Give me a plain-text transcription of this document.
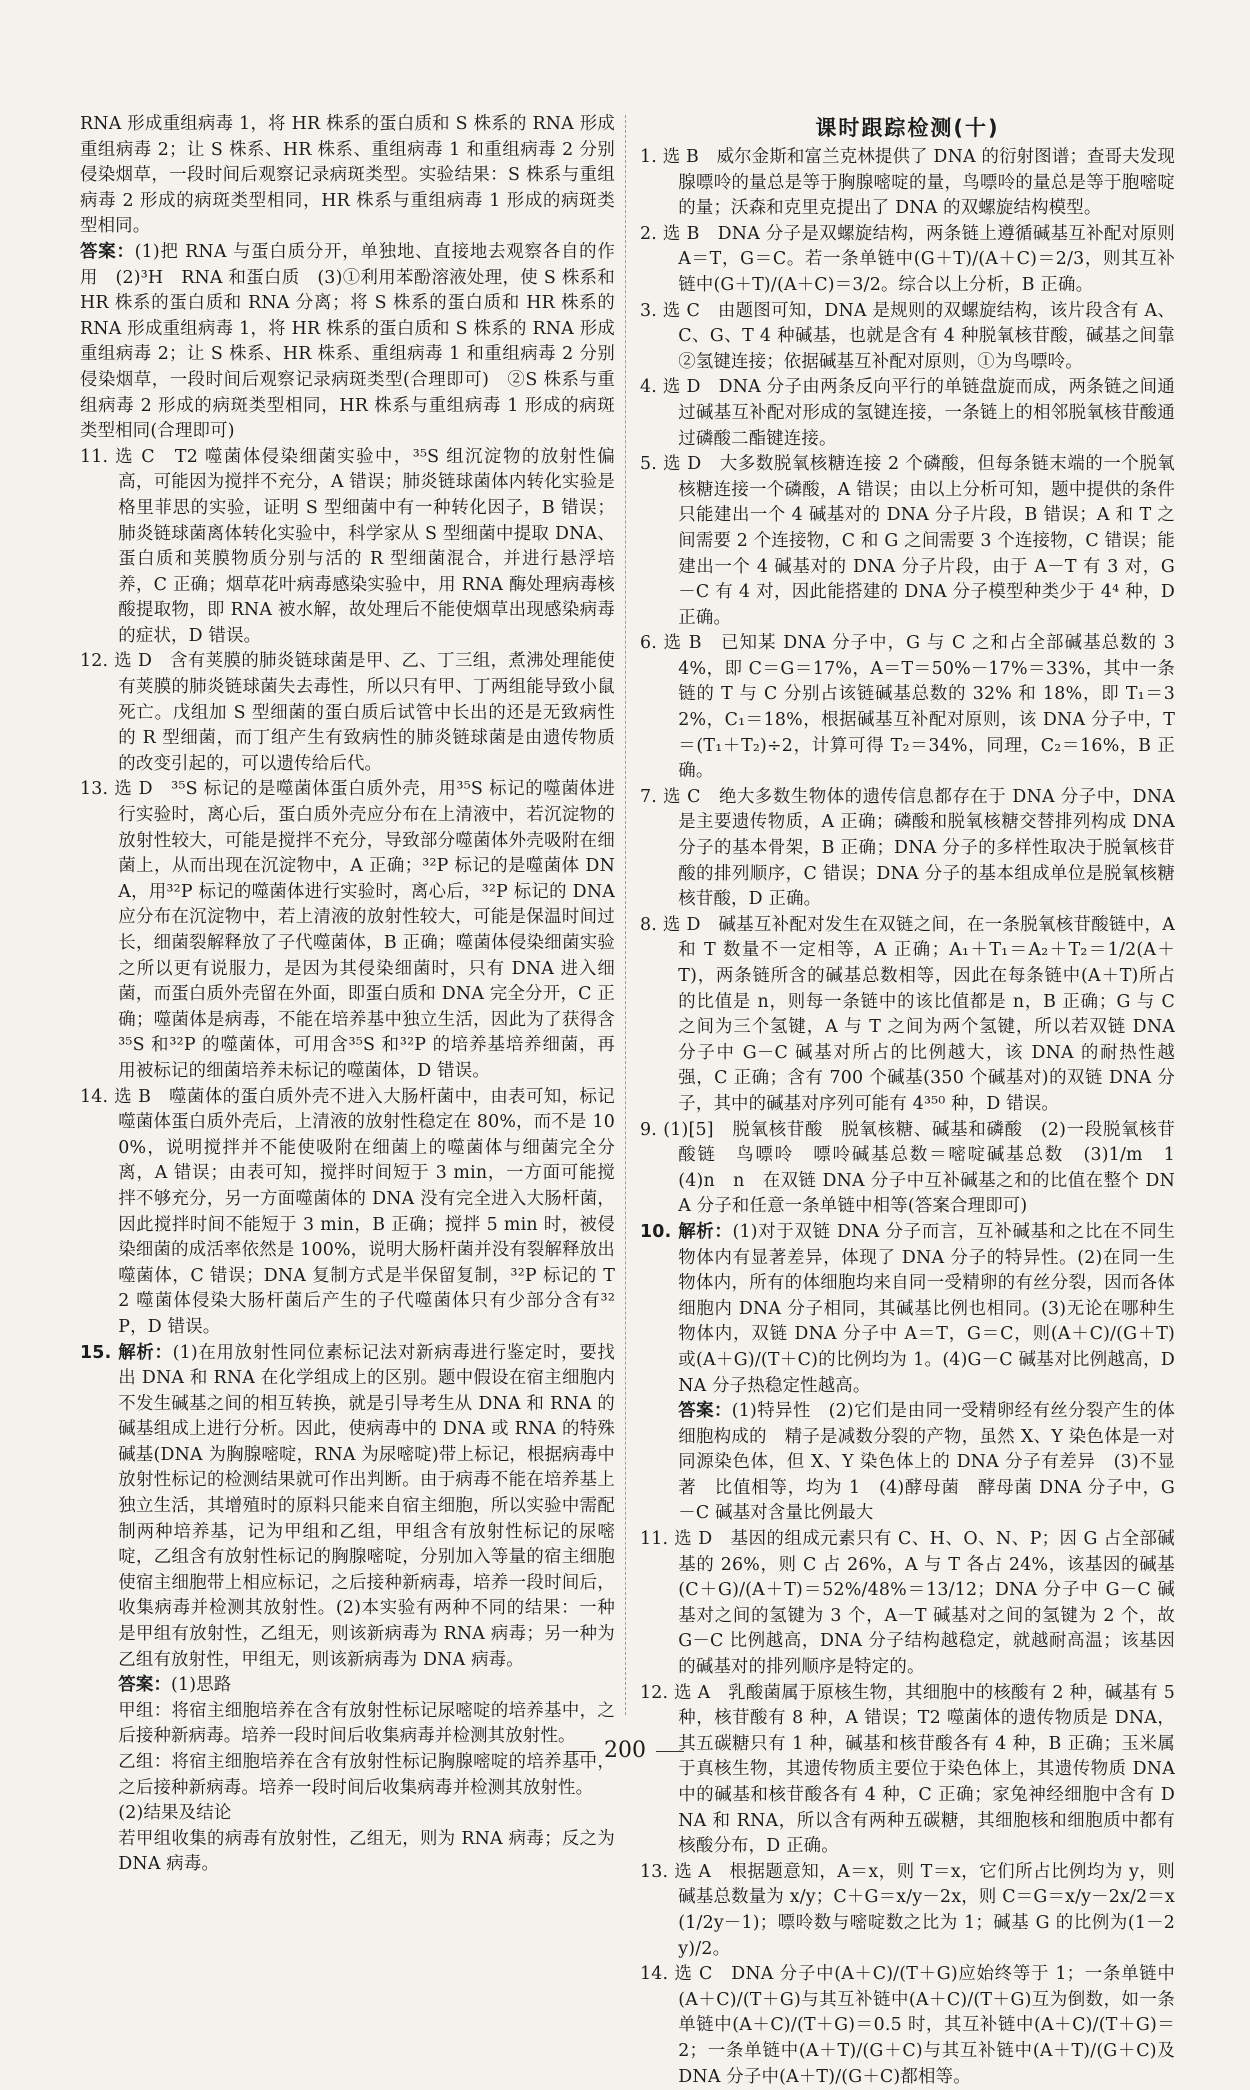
RNA 形成重组病毒 1，将 HR 株系的蛋白质和 S 株系的 RNA 形成重组病毒 2；让 S 株系、HR 株系、重组病毒 1 和重组病毒 2 分别侵染烟草，一段时间后观察记录病斑类型。实验结果：S 株系与重组病毒 2 形成的病斑类型相同，HR 株系与重组病毒 1 形成的病斑类型相同。

答案：(1)把 RNA 与蛋白质分开，单独地、直接地去观察各自的作用　(2)³H　RNA 和蛋白质　(3)①利用苯酚溶液处理，使 S 株系和 HR 株系的蛋白质和 RNA 分离；将 S 株系的蛋白质和 HR 株系的 RNA 形成重组病毒 1，将 HR 株系的蛋白质和 S 株系的 RNA 形成重组病毒 2；让 S 株系、HR 株系、重组病毒 1 和重组病毒 2 分别侵染烟草，一段时间后观察记录病斑类型(合理即可)　②S 株系与重组病毒 2 形成的病斑类型相同，HR 株系与重组病毒 1 形成的病斑类型相同(合理即可)

11. 选 C　T2 噬菌体侵染细菌实验中，³⁵S 组沉淀物的放射性偏高，可能因为搅拌不充分，A 错误；肺炎链球菌体内转化实验是格里菲思的实验，证明 S 型细菌中有一种转化因子，B 错误；肺炎链球菌离体转化实验中，科学家从 S 型细菌中提取 DNA、蛋白质和荚膜物质分别与活的 R 型细菌混合，并进行悬浮培养，C 正确；烟草花叶病毒感染实验中，用 RNA 酶处理病毒核酸提取物，即 RNA 被水解，故处理后不能使烟草出现感染病毒的症状，D 错误。

12. 选 D　含有荚膜的肺炎链球菌是甲、乙、丁三组，煮沸处理能使有荚膜的肺炎链球菌失去毒性，所以只有甲、丁两组能导致小鼠死亡。戊组加 S 型细菌的蛋白质后试管中长出的还是无致病性的 R 型细菌，而丁组产生有致病性的肺炎链球菌是由遗传物质的改变引起的，可以遗传给后代。

13. 选 D　³⁵S 标记的是噬菌体蛋白质外壳，用³⁵S 标记的噬菌体进行实验时，离心后，蛋白质外壳应分布在上清液中，若沉淀物的放射性较大，可能是搅拌不充分，导致部分噬菌体外壳吸附在细菌上，从而出现在沉淀物中，A 正确；³²P 标记的是噬菌体 DNA，用³²P 标记的噬菌体进行实验时，离心后，³²P 标记的 DNA 应分布在沉淀物中，若上清液的放射性较大，可能是保温时间过长，细菌裂解释放了子代噬菌体，B 正确；噬菌体侵染细菌实验之所以更有说服力，是因为其侵染细菌时，只有 DNA 进入细菌，而蛋白质外壳留在外面，即蛋白质和 DNA 完全分开，C 正确；噬菌体是病毒，不能在培养基中独立生活，因此为了获得含³⁵S 和³²P 的噬菌体，可用含³⁵S 和³²P 的培养基培养细菌，再用被标记的细菌培养未标记的噬菌体，D 错误。

14. 选 B　噬菌体的蛋白质外壳不进入大肠杆菌中，由表可知，标记噬菌体蛋白质外壳后，上清液的放射性稳定在 80%，而不是 100%，说明搅拌并不能使吸附在细菌上的噬菌体与细菌完全分离，A 错误；由表可知，搅拌时间短于 3 min，一方面可能搅拌不够充分，另一方面噬菌体的 DNA 没有完全进入大肠杆菌，因此搅拌时间不能短于 3 min，B 正确；搅拌 5 min 时，被侵染细菌的成活率依然是 100%，说明大肠杆菌并没有裂解释放出噬菌体，C 错误；DNA 复制方式是半保留复制，³²P 标记的 T2 噬菌体侵染大肠杆菌后产生的子代噬菌体只有少部分含有³²P，D 错误。

15. 解析：(1)在用放射性同位素标记法对新病毒进行鉴定时，要找出 DNA 和 RNA 在化学组成上的区别。题中假设在宿主细胞内不发生碱基之间的相互转换，就是引导考生从 DNA 和 RNA 的碱基组成上进行分析。因此，使病毒中的 DNA 或 RNA 的特殊碱基(DNA 为胸腺嘧啶，RNA 为尿嘧啶)带上标记，根据病毒中放射性标记的检测结果就可作出判断。由于病毒不能在培养基上独立生活，其增殖时的原料只能来自宿主细胞，所以实验中需配制两种培养基，记为甲组和乙组，甲组含有放射性标记的尿嘧啶，乙组含有放射性标记的胸腺嘧啶，分别加入等量的宿主细胞使宿主细胞带上相应标记，之后接种新病毒，培养一段时间后，收集病毒并检测其放射性。(2)本实验有两种不同的结果：一种是甲组有放射性，乙组无，则该新病毒为 RNA 病毒；另一种为乙组有放射性，甲组无，则该新病毒为 DNA 病毒。

答案：(1)思路

甲组：将宿主细胞培养在含有放射性标记尿嘧啶的培养基中，之后接种新病毒。培养一段时间后收集病毒并检测其放射性。

乙组：将宿主细胞培养在含有放射性标记胸腺嘧啶的培养基中，之后接种新病毒。培养一段时间后收集病毒并检测其放射性。

(2)结果及结论

若甲组收集的病毒有放射性，乙组无，则为 RNA 病毒；反之为 DNA 病毒。

课时跟踪检测(十)

1. 选 B　威尔金斯和富兰克林提供了 DNA 的衍射图谱；查哥夫发现腺嘌呤的量总是等于胸腺嘧啶的量，鸟嘌呤的量总是等于胞嘧啶的量；沃森和克里克提出了 DNA 的双螺旋结构模型。

2. 选 B　DNA 分子是双螺旋结构，两条链上遵循碱基互补配对原则 A＝T，G＝C。若一条单链中(G＋T)/(A＋C)＝2/3，则其互补链中(G＋T)/(A＋C)＝3/2。综合以上分析，B 正确。

3. 选 C　由题图可知，DNA 是规则的双螺旋结构，该片段含有 A、C、G、T 4 种碱基，也就是含有 4 种脱氧核苷酸，碱基之间靠②氢键连接；依据碱基互补配对原则，①为鸟嘌呤。

4. 选 D　DNA 分子由两条反向平行的单链盘旋而成，两条链之间通过碱基互补配对形成的氢键连接，一条链上的相邻脱氧核苷酸通过磷酸二酯键连接。

5. 选 D　大多数脱氧核糖连接 2 个磷酸，但每条链末端的一个脱氧核糖连接一个磷酸，A 错误；由以上分析可知，题中提供的条件只能建出一个 4 碱基对的 DNA 分子片段，B 错误；A 和 T 之间需要 2 个连接物，C 和 G 之间需要 3 个连接物，C 错误；能建出一个 4 碱基对的 DNA 分子片段，由于 A－T 有 3 对，G－C 有 4 对，因此能搭建的 DNA 分子模型种类少于 4⁴ 种，D 正确。

6. 选 B　已知某 DNA 分子中，G 与 C 之和占全部碱基总数的 34%，即 C＝G＝17%，A＝T＝50%－17%＝33%，其中一条链的 T 与 C 分别占该链碱基总数的 32% 和 18%，即 T₁＝32%，C₁＝18%，根据碱基互补配对原则，该 DNA 分子中，T＝(T₁＋T₂)÷2，计算可得 T₂＝34%，同理，C₂＝16%，B 正确。

7. 选 C　绝大多数生物体的遗传信息都存在于 DNA 分子中，DNA 是主要遗传物质，A 正确；磷酸和脱氧核糖交替排列构成 DNA 分子的基本骨架，B 正确；DNA 分子的多样性取决于脱氧核苷酸的排列顺序，C 错误；DNA 分子的基本组成单位是脱氧核糖核苷酸，D 正确。

8. 选 D　碱基互补配对发生在双链之间，在一条脱氧核苷酸链中，A 和 T 数量不一定相等，A 正确；A₁＋T₁＝A₂＋T₂＝1/2(A＋T)，两条链所含的碱基总数相等，因此在每条链中(A＋T)所占的比值是 n，则每一条链中的该比值都是 n，B 正确；G 与 C 之间为三个氢键，A 与 T 之间为两个氢键，所以若双链 DNA 分子中 G－C 碱基对所占的比例越大，该 DNA 的耐热性越强，C 正确；含有 700 个碱基(350 个碱基对)的双链 DNA 分子，其中的碱基对序列可能有 4³⁵⁰ 种，D 错误。

9. (1)[5]　脱氧核苷酸　脱氧核糖、碱基和磷酸　(2)一段脱氧核苷酸链　鸟嘌呤　嘌呤碱基总数＝嘧啶碱基总数　(3)1/m　1　(4)n　n　在双链 DNA 分子中互补碱基之和的比值在整个 DNA 分子和任意一条单链中相等(答案合理即可)

10. 解析：(1)对于双链 DNA 分子而言，互补碱基和之比在不同生物体内有显著差异，体现了 DNA 分子的特异性。(2)在同一生物体内，所有的体细胞均来自同一受精卵的有丝分裂，因而各体细胞内 DNA 分子相同，其碱基比例也相同。(3)无论在哪种生物体内，双链 DNA 分子中 A＝T，G＝C，则(A＋C)/(G＋T)或(A＋G)/(T＋C)的比例均为 1。(4)G－C 碱基对比例越高，DNA 分子热稳定性越高。

答案：(1)特异性　(2)它们是由同一受精卵经有丝分裂产生的体细胞构成的　精子是减数分裂的产物，虽然 X、Y 染色体是一对同源染色体，但 X、Y 染色体上的 DNA 分子有差异　(3)不显著　比值相等，均为 1　(4)酵母菌　酵母菌 DNA 分子中，G－C 碱基对含量比例最大

11. 选 D　基因的组成元素只有 C、H、O、N、P；因 G 占全部碱基的 26%，则 C 占 26%，A 与 T 各占 24%，该基因的碱基(C＋G)/(A＋T)＝52%/48%＝13/12；DNA 分子中 G－C 碱基对之间的氢键为 3 个，A－T 碱基对之间的氢键为 2 个，故 G－C 比例越高，DNA 分子结构越稳定，就越耐高温；该基因的碱基对的排列顺序是特定的。

12. 选 A　乳酸菌属于原核生物，其细胞中的核酸有 2 种，碱基有 5 种，核苷酸有 8 种，A 错误；T2 噬菌体的遗传物质是 DNA，其五碳糖只有 1 种，碱基和核苷酸各有 4 种，B 正确；玉米属于真核生物，其遗传物质主要位于染色体上，其遗传物质 DNA 中的碱基和核苷酸各有 4 种，C 正确；家兔神经细胞中含有 DNA 和 RNA，所以含有两种五碳糖，其细胞核和细胞质中都有核酸分布，D 正确。

13. 选 A　根据题意知，A＝x，则 T＝x，它们所占比例均为 y，则碱基总数量为 x/y；C＋G＝x/y－2x，则 C＝G＝x/y－2x/2＝x(1/2y－1)；嘌呤数与嘧啶数之比为 1；碱基 G 的比例为(1－2y)/2。

14. 选 C　DNA 分子中(A＋C)/(T＋G)应始终等于 1；一条单链中(A＋C)/(T＋G)与其互补链中(A＋C)/(T＋G)互为倒数，如一条单链中(A＋C)/(T＋G)＝0.5 时，其互补链中(A＋C)/(T＋G)＝2；一条单链中(A＋T)/(G＋C)与其互补链中(A＋T)/(G＋C)及 DNA 分子中(A＋T)/(G＋C)都相等。

200
